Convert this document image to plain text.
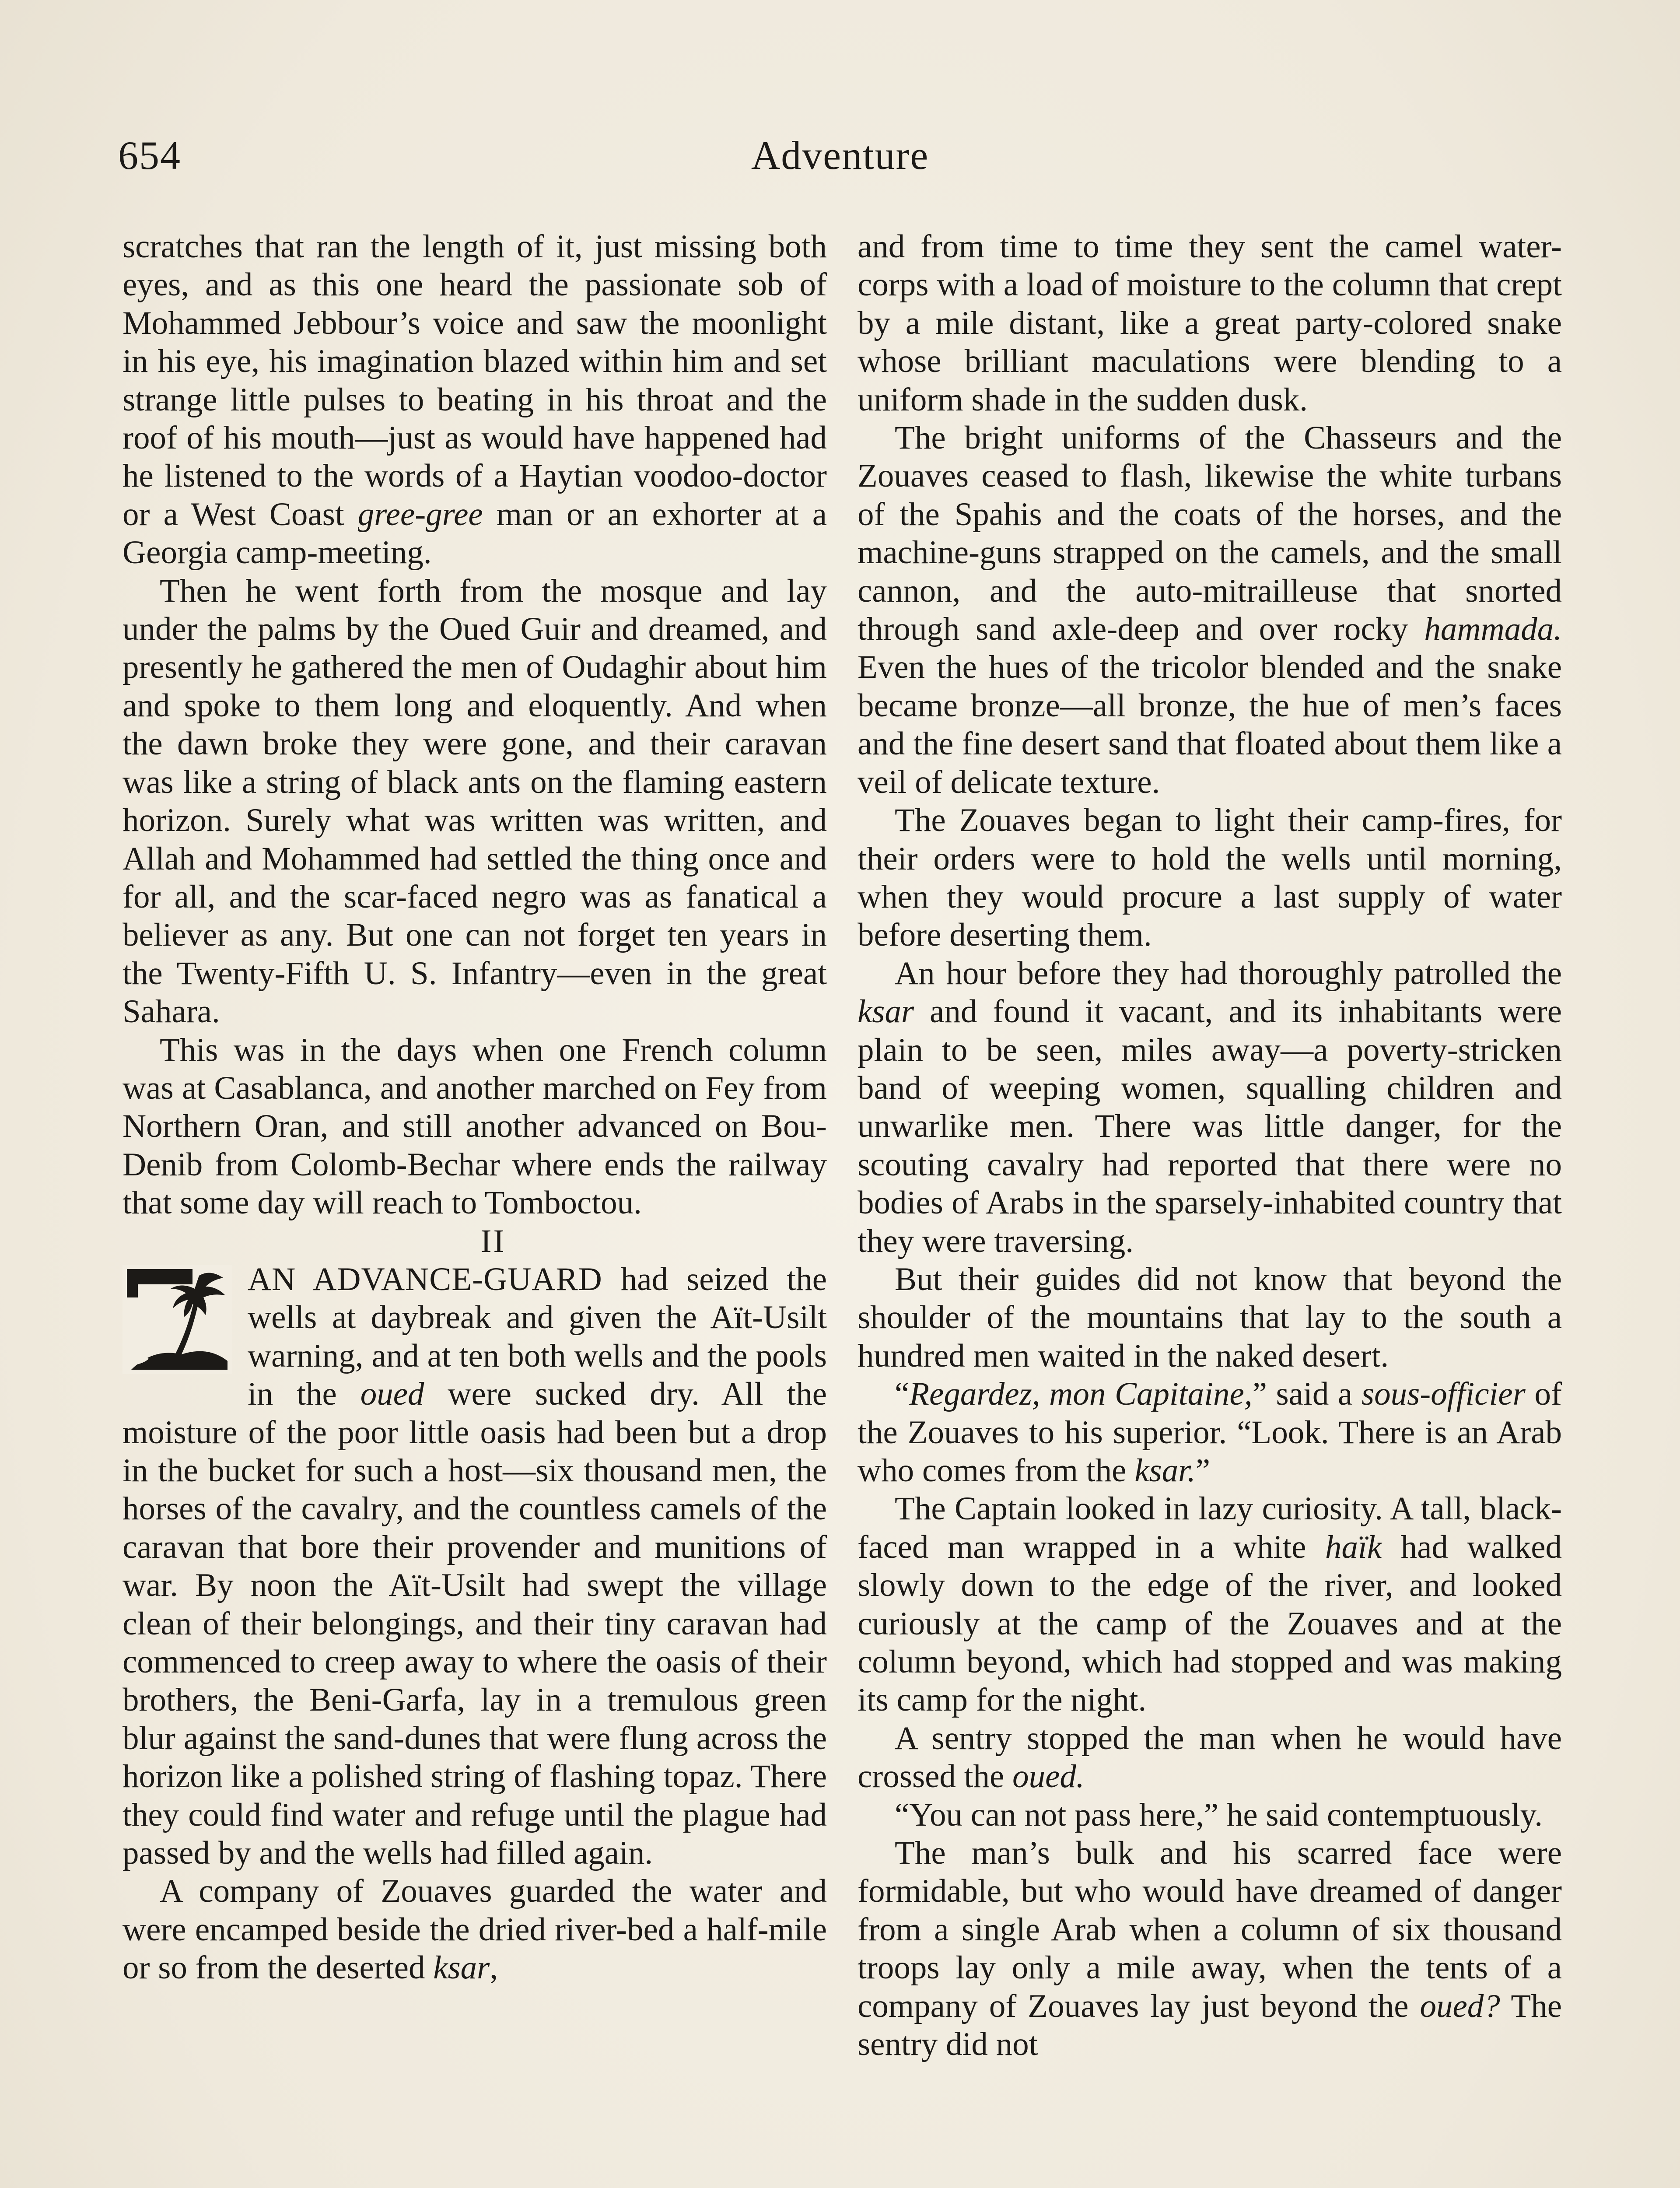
654	Adventure

scratches that ran the length of it, just missing both eyes, and as this one heard the passionate sob of Mohammed Jebbour’s voice and saw the moonlight in his eye, his imagination blazed within him and set strange little pulses to beating in his throat and the roof of his mouth—just as would have happened had he listened to the words of a Haytian voodoo-doctor or a West Coast gree-gree man or an exhorter at a Georgia camp-meeting.

Then he went forth from the mosque and lay under the palms by the Oued Guir and dreamed, and presently he gathered the men of Oudaghir about him and spoke to them long and eloquently. And when the dawn broke they were gone, and their caravan was like a string of black ants on the flaming eastern horizon. Surely what was written was written, and Allah and Mohammed had settled the thing once and for all, and the scar-faced negro was as fanatical a believer as any. But one can not forget ten years in the Twenty-Fifth U. S. Infantry—even in the great Sahara.

This was in the days when one French column was at Casablanca, and another marched on Fey from Northern Oran, and still another advanced on Bou-Denib from Colomb-Bechar where ends the railway that some day will reach to Tomboctou.

II

AN ADVANCE-GUARD had seized the wells at daybreak and given the Aït-Usilt warning, and at ten both wells and the pools in the oued were sucked dry. All the moisture of the poor little oasis had been but a drop in the bucket for such a host—six thousand men, the horses of the cavalry, and the countless camels of the caravan that bore their provender and munitions of war. By noon the Aït-Usilt had swept the village clean of their belongings, and their tiny caravan had commenced to creep away to where the oasis of their brothers, the Beni-Garfa, lay in a tremulous green blur against the sand-dunes that were flung across the horizon like a polished string of flashing topaz. There they could find water and refuge until the plague had passed by and the wells had filled again.

A company of Zouaves guarded the water and were encamped beside the dried river-bed a half-mile or so from the deserted ksar,

and from time to time they sent the camel water-corps with a load of moisture to the column that crept by a mile distant, like a great party-colored snake whose brilliant maculations were blending to a uniform shade in the sudden dusk.

The bright uniforms of the Chasseurs and the Zouaves ceased to flash, likewise the white turbans of the Spahis and the coats of the horses, and the machine-guns strapped on the camels, and the small cannon, and the auto-mitrailleuse that snorted through sand axle-deep and over rocky hammada. Even the hues of the tricolor blended and the snake became bronze—all bronze, the hue of men’s faces and the fine desert sand that floated about them like a veil of delicate texture.

The Zouaves began to light their camp-fires, for their orders were to hold the wells until morning, when they would procure a last supply of water before deserting them.

An hour before they had thoroughly patrolled the ksar and found it vacant, and its inhabitants were plain to be seen, miles away—a poverty-stricken band of weeping women, squalling children and unwarlike men. There was little danger, for the scouting cavalry had reported that there were no bodies of Arabs in the sparsely-inhabited country that they were traversing.

But their guides did not know that beyond the shoulder of the mountains that lay to the south a hundred men waited in the naked desert.

“Regardez, mon Capitaine,” said a sous-officier of the Zouaves to his superior. “Look. There is an Arab who comes from the ksar.”

The Captain looked in lazy curiosity. A tall, black-faced man wrapped in a white haïk had walked slowly down to the edge of the river, and looked curiously at the camp of the Zouaves and at the column beyond, which had stopped and was making its camp for the night.

A sentry stopped the man when he would have crossed the oued.

“You can not pass here,” he said contemptuously.

The man’s bulk and his scarred face were formidable, but who would have dreamed of danger from a single Arab when a column of six thousand troops lay only a mile away, when the tents of a company of Zouaves lay just beyond the oued? The sentry did not
